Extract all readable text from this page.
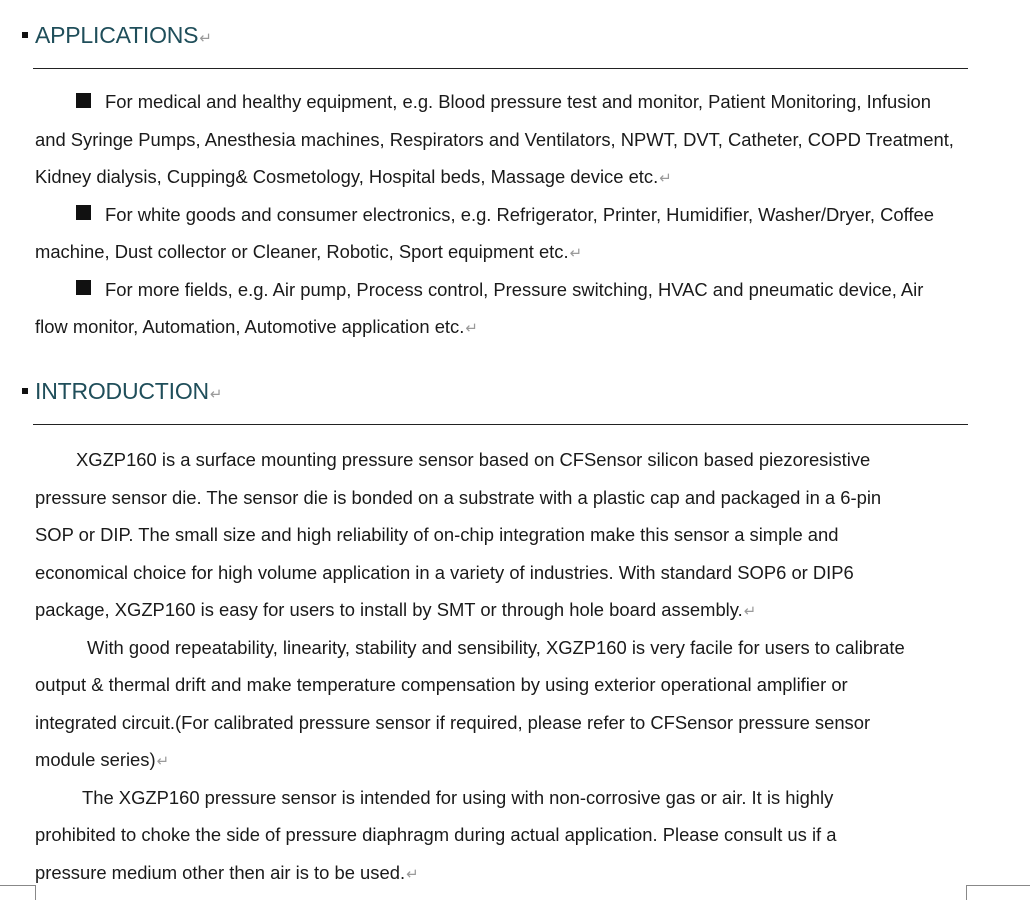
APPLICATIONS↵
For medical and healthy equipment, e.g. Blood pressure test and monitor, Patient Monitoring, Infusion
and Syringe Pumps, Anesthesia machines, Respirators and Ventilators, NPWT, DVT, Catheter, COPD Treatment,
Kidney dialysis, Cupping& Cosmetology, Hospital beds, Massage device etc.↵
For white goods and consumer electronics, e.g. Refrigerator, Printer, Humidifier, Washer/Dryer, Coffee
machine, Dust collector or Cleaner, Robotic, Sport equipment etc.↵
For more fields, e.g. Air pump, Process control, Pressure switching, HVAC and pneumatic device, Air
flow monitor, Automation, Automotive application etc.↵
INTRODUCTION↵
XGZP160 is a surface mounting pressure sensor based on CFSensor silicon based piezoresistive
pressure sensor die. The sensor die is bonded on a substrate with a plastic cap and packaged in a 6-pin
SOP or DIP. The small size and high reliability of on-chip integration make this sensor a simple and
economical choice for high volume application in a variety of industries. With standard SOP6 or DIP6
package, XGZP160 is easy for users to install by SMT or through hole board assembly.↵
With good repeatability, linearity, stability and sensibility, XGZP160 is very facile for users to calibrate
output & thermal drift and make temperature compensation by using exterior operational amplifier or
integrated circuit.(For calibrated pressure sensor if required, please refer to CFSensor pressure sensor
module series)↵
The XGZP160 pressure sensor is intended for using with non-corrosive gas or air. It is highly
prohibited to choke the side of pressure diaphragm during actual application. Please consult us if a
pressure medium other then air is to be used.↵
